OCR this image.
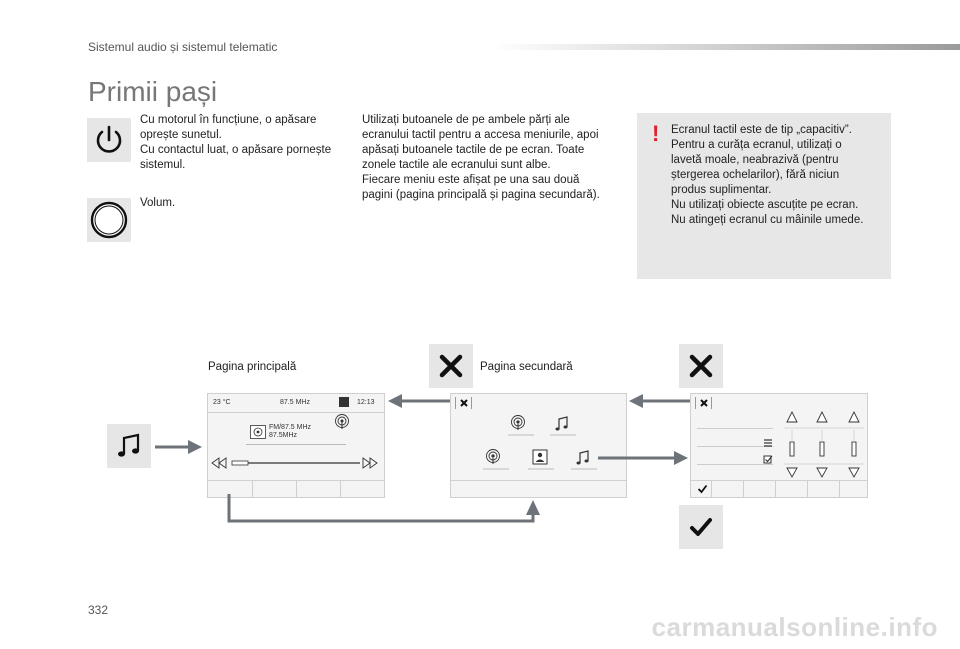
Sistemul audio și sistemul telematic
Primii pași
Cu motorul în funcțiune, o apăsare
oprește sunetul.
Cu contactul luat, o apăsare pornește
sistemul.
Volum.
Utilizați butoanele de pe ambele părți ale
ecranului tactil pentru a accesa meniurile, apoi
apăsați butoanele tactile de pe ecran. Toate
zonele tactile ale ecranului sunt albe.
Fiecare meniu este afișat pe una sau două
pagini (pagina principală și pagina secundară).
! Ecranul tactil este de tip „capacitiv”.
Pentru a curăța ecranul, utilizați o
lavetă moale, neabrazivă (pentru
ștergerea ochelarilor), fără niciun
produs suplimentar.
Nu utilizați obiecte ascuțite pe ecran.
Nu atingeți ecranul cu mâinile umede.
Pagina principală	Pagina secundară
23 °C	87.5 MHz	12:13
FM/87.5 MHz
87.5MHz
332
carmanualsonline.info
